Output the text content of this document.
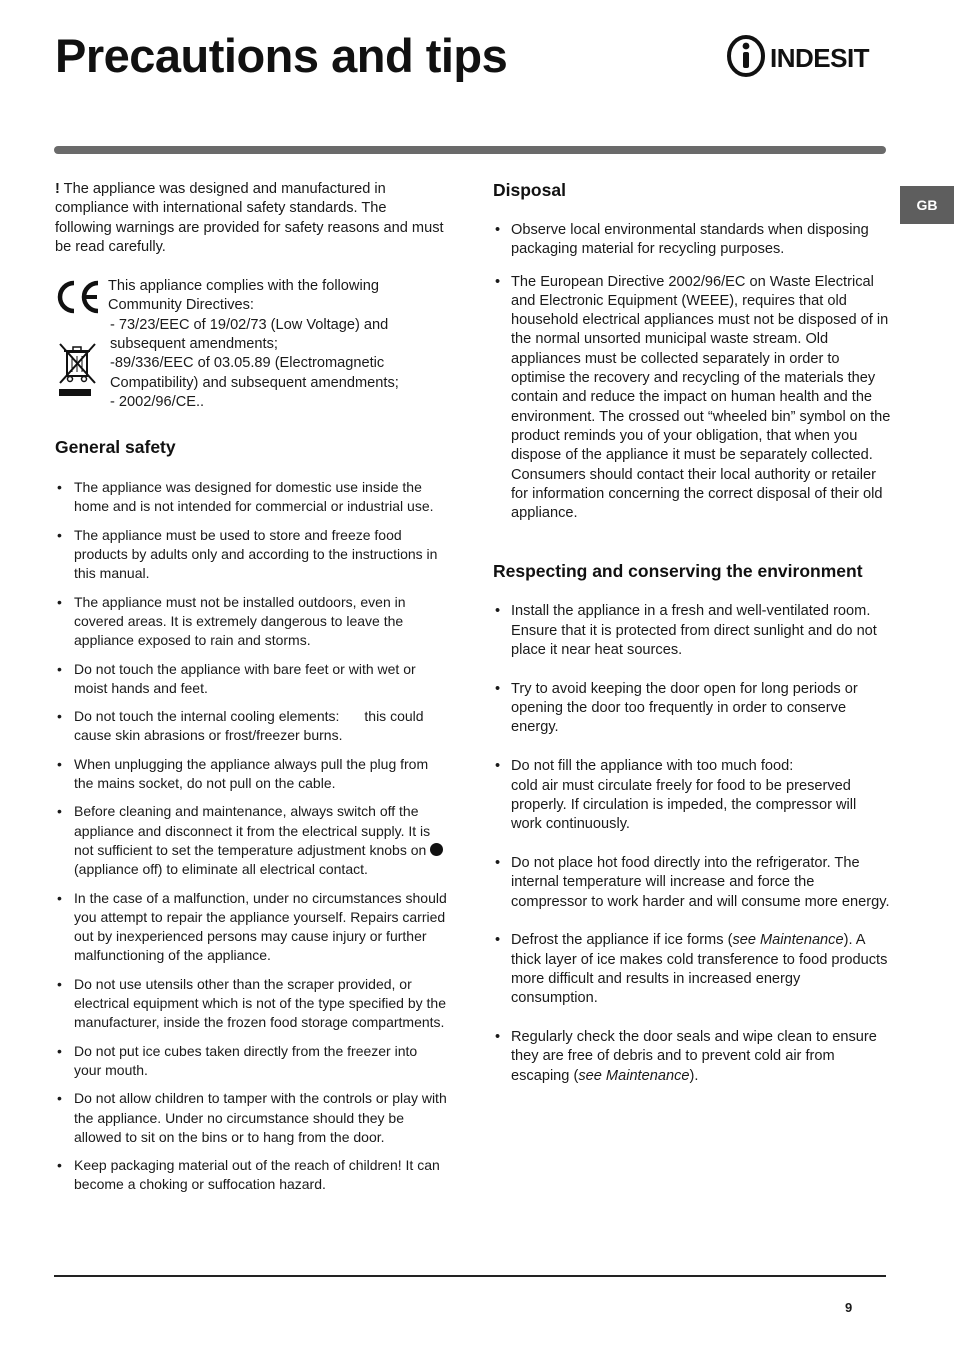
Precautions and tips	INDESIT
GB

! The appliance was designed and manufactured in compliance with international safety standards. The following warnings are provided for safety reasons and must be read carefully.

This appliance complies with the following Community Directives:

- 73/23/EEC of 19/02/73 (Low Voltage) and subsequent amendments;

-89/336/EEC of 03.05.89 (Electromagnetic Compatibility) and subsequent amendments;

- 2002/96/CE..

General safety
• The appliance was designed for domestic use inside the home and is not intended for commercial or industrial use.
• The appliance must be used to store and freeze food products by adults only and according to the instructions in this manual.
• The appliance must not be installed outdoors, even in covered areas. It is extremely dangerous to leave the appliance exposed to rain and storms.
• Do not touch the appliance with bare feet or with wet or moist hands and feet.
• Do not touch the internal cooling elements: this could cause skin abrasions or frost/freezer burns.
• When unplugging the appliance always pull the plug from the mains socket, do not pull on the cable.
• Before cleaning and maintenance, always switch off the appliance and disconnect it from the electrical supply. It is not sufficient to set the temperature adjustment knobs on  (appliance off) to eliminate all electrical contact.
• In the case of a malfunction, under no circumstances should you attempt to repair the appliance yourself. Repairs carried out by inexperienced persons may cause injury or further malfunctioning of the appliance.
• Do not use utensils other than the scraper provided, or electrical equipment which is not of the type specified by the manufacturer, inside the frozen food storage compartments.
• Do not put ice cubes taken directly from the freezer into your mouth.
• Do not allow children to tamper with the controls or play with the appliance. Under no circumstance should they be allowed to sit on the bins or to hang from the door.
• Keep packaging material out of the reach of children! It can become a choking or suffocation hazard.
Disposal
• Observe local environmental standards when disposing packaging material for recycling purposes.
• The European Directive 2002/96/EC on Waste Electrical and Electronic Equipment (WEEE), requires that old household electrical appliances must not be disposed of in the normal unsorted municipal waste stream. Old appliances must be collected separately in order to optimise the recovery and recycling of the materials they contain and reduce the impact on human health and the environment. The crossed out “wheeled bin” symbol on the product reminds you of your obligation, that when you dispose of the appliance it must be separately collected.
Consumers should contact their local authority or retailer for information concerning the correct disposal of their old appliance.
Respecting and conserving the environment
• Install the appliance in a fresh and well-ventilated room. Ensure that it is protected from direct sunlight and do not place it near heat sources.
• Try to avoid keeping the door open for long periods or opening the door too frequently in order to conserve energy.
• Do not fill the appliance with too much food:
cold air must circulate freely for food to be preserved properly. If circulation is impeded, the compressor will work continuously.
• Do not place hot food directly into the refrigerator. The internal temperature will increase and force the compressor to work harder and will consume more energy.
• Defrost the appliance if ice forms (see Maintenance). A thick layer of ice makes cold transference to food products more difficult and results in increased energy consumption.
• Regularly check the door seals and wipe clean to ensure they are free of debris and to prevent cold air from escaping (see Maintenance).
9
